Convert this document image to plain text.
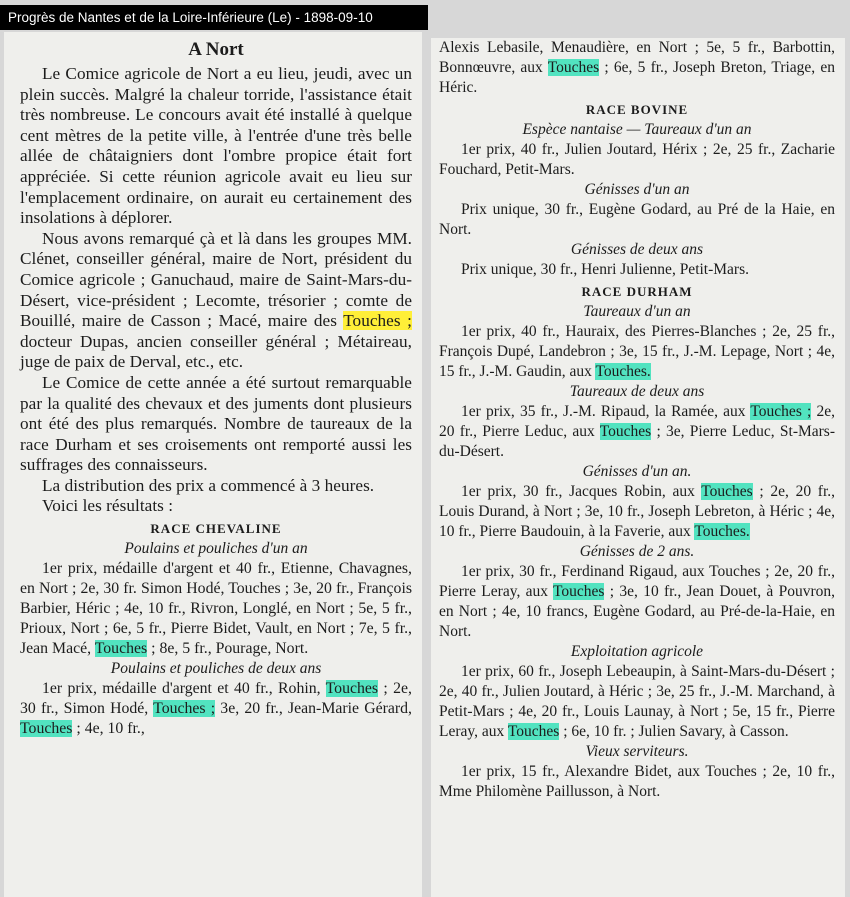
Progrès de Nantes et de la Loire-Inférieure (Le) - 1898-09-10
A Nort

Le Comice agricole de Nort a eu lieu, jeudi, avec un plein succès. Malgré la chaleur torride, l'assistance était très nombreuse. Le concours avait été installé à quelque cent mètres de la petite ville, à l'entrée d'une très belle allée de châtaigniers dont l'ombre propice était fort appréciée. Si cette réunion agricole avait eu lieu sur l'emplacement ordinaire, on aurait eu certainement des insolations à déplorer.

Nous avons remarqué çà et là dans les groupes MM. Clénet, conseiller général, maire de Nort, président du Comice agricole ; Ganuchaud, maire de Saint-Mars-du-Désert, vice-président ; Lecomte, trésorier ; comte de Bouillé, maire de Casson ; Macé, maire des Touches ; docteur Dupas, ancien conseiller général ; Métaireau, juge de paix de Derval, etc., etc.

Le Comice de cette année a été surtout remarquable par la qualité des chevaux et des juments dont plusieurs ont été des plus remarqués. Nombre de taureaux de la race Durham et ses croisements ont remporté aussi les suffrages des connaisseurs.

La distribution des prix a commencé à 3 heures.

Voici les résultats :

RACE CHEVALINE
Poulains et pouliches d'un an

1er prix, médaille d'argent et 40 fr., Etienne, Chavagnes, en Nort ; 2e, 30 fr. Simon Hodé, Touches ; 3e, 20 fr., François Barbier, Héric ; 4e, 10 fr., Rivron, Longlé, en Nort ; 5e, 5 fr., Prioux, Nort ; 6e, 5 fr., Pierre Bidet, Vault, en Nort ; 7e, 5 fr., Jean Macé, Touches ; 8e, 5 fr., Pourage, Nort.

Poulains et pouliches de deux ans

1er prix, médaille d'argent et 40 fr., Rohin, Touches ; 2e, 30 fr., Simon Hodé, Touches ; 3e, 20 fr., Jean-Marie Gérard, Touches ; 4e, 10 fr.,

Alexis Lebasile, Menaudière, en Nort ; 5e, 5 fr., Barbottin, Bonnœuvre, aux Touches ; 6e, 5 fr., Joseph Breton, Triage, en Héric.

RACE BOVINE
Espèce nantaise — Taureaux d'un an

1er prix, 40 fr., Julien Joutard, Hérix ; 2e, 25 fr., Zacharie Fouchard, Petit-Mars.

Génisses d'un an

Prix unique, 30 fr., Eugène Godard, au Pré de la Haie, en Nort.

Génisses de deux ans

Prix unique, 30 fr., Henri Julienne, Petit-Mars.

RACE DURHAM
Taureaux d'un an

1er prix, 40 fr., Hauraix, des Pierres-Blanches ; 2e, 25 fr., François Dupé, Landebron ; 3e, 15 fr., J.-M. Lepage, Nort ; 4e, 15 fr., J.-M. Gaudin, aux Touches.

Taureaux de deux ans

1er prix, 35 fr., J.-M. Ripaud, la Ramée, aux Touches ; 2e, 20 fr., Pierre Leduc, aux Touches ; 3e, Pierre Leduc, St-Mars-du-Désert.

Génisses d'un an.

1er prix, 30 fr., Jacques Robin, aux Touches ; 2e, 20 fr., Louis Durand, à Nort ; 3e, 10 fr., Joseph Lebreton, à Héric ; 4e, 10 fr., Pierre Baudouin, à la Faverie, aux Touches.

Génisses de 2 ans.

1er prix, 30 fr., Ferdinand Rigaud, aux Touches ; 2e, 20 fr., Pierre Leray, aux Touches ; 3e, 10 fr., Jean Douet, à Pouvron, en Nort ; 4e, 10 francs, Eugène Godard, au Pré-de-la-Haie, en Nort.

Exploitation agricole

1er prix, 60 fr., Joseph Lebeaupin, à Saint-Mars-du-Désert ; 2e, 40 fr., Julien Joutard, à Héric ; 3e, 25 fr., J.-M. Marchand, à Petit-Mars ; 4e, 20 fr., Louis Launay, à Nort ; 5e, 15 fr., Pierre Leray, aux Touches ; 6e, 10 fr. ; Julien Savary, à Casson.

Vieux serviteurs.

1er prix, 15 fr., Alexandre Bidet, aux Touches ; 2e, 10 fr., Mme Philomène Paillusson, à Nort.
